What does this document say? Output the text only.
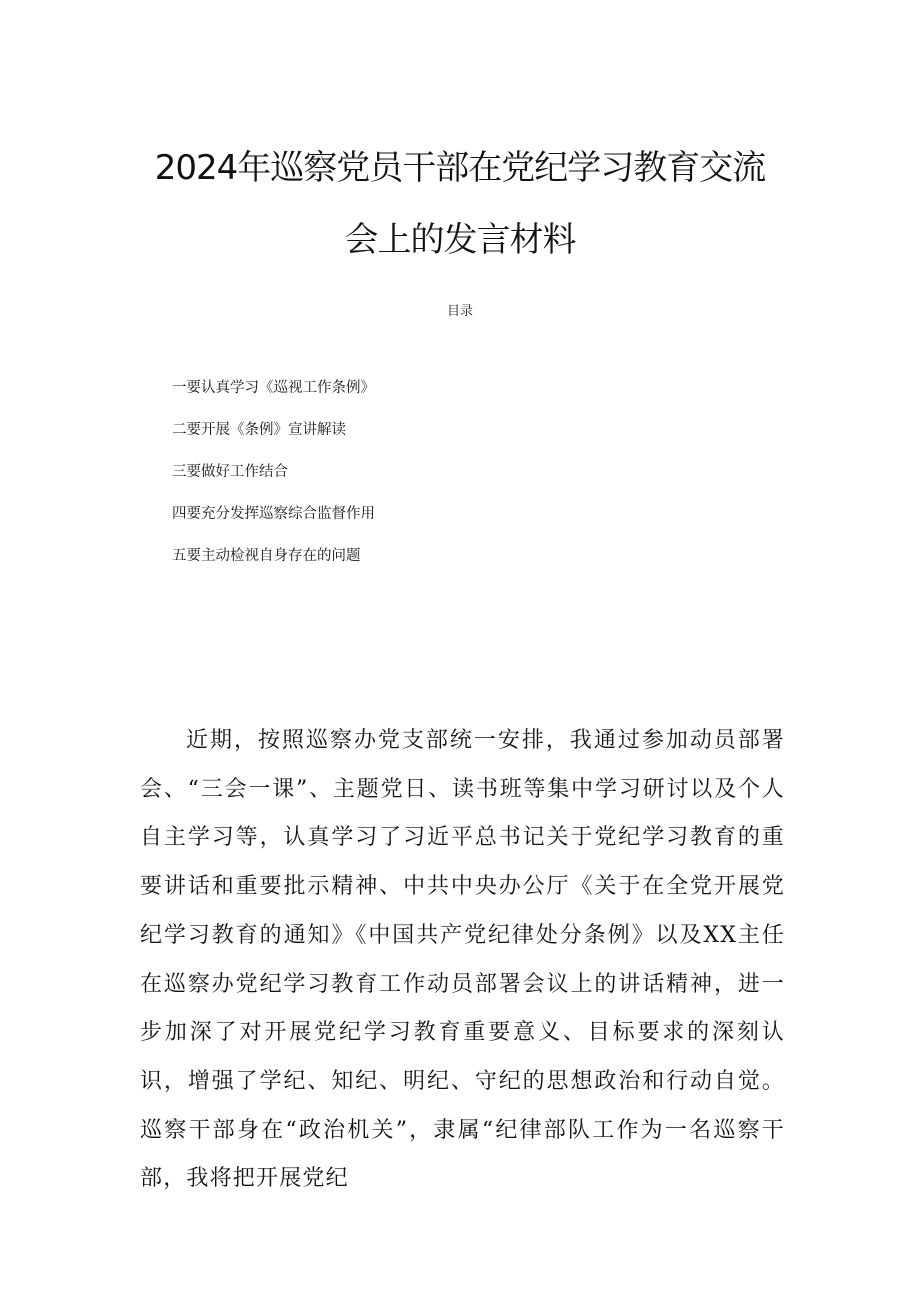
2024年巡察党员干部在党纪学习教育交流
会上的发言材料
目录
一要认真学习《巡视工作条例》
二要开展《条例》宣讲解读
三要做好工作结合
四要充分发挥巡察综合监督作用
五要主动检视自身存在的问题

近期，按照巡察办党支部统一安排，我通过参加动员部署会、“三会一课”、主题党日、读书班等集中学习研讨以及个人自主学习等，认真学习了习近平总书记关于党纪学习教育的重要讲话和重要批示精神、中共中央办公厅《关于在全党开展党纪学习教育的通知》《中国共产党纪律处分条例》以及XX主任在巡察办党纪学习教育工作动员部署会议上的讲话精神，进一步加深了对开展党纪学习教育重要意义、目标要求的深刻认识，增强了学纪、知纪、明纪、守纪的思想政治和行动自觉。巡察干部身在“政治机关”，隶属“纪律部队工作为一名巡察干部，我将把开展党纪
